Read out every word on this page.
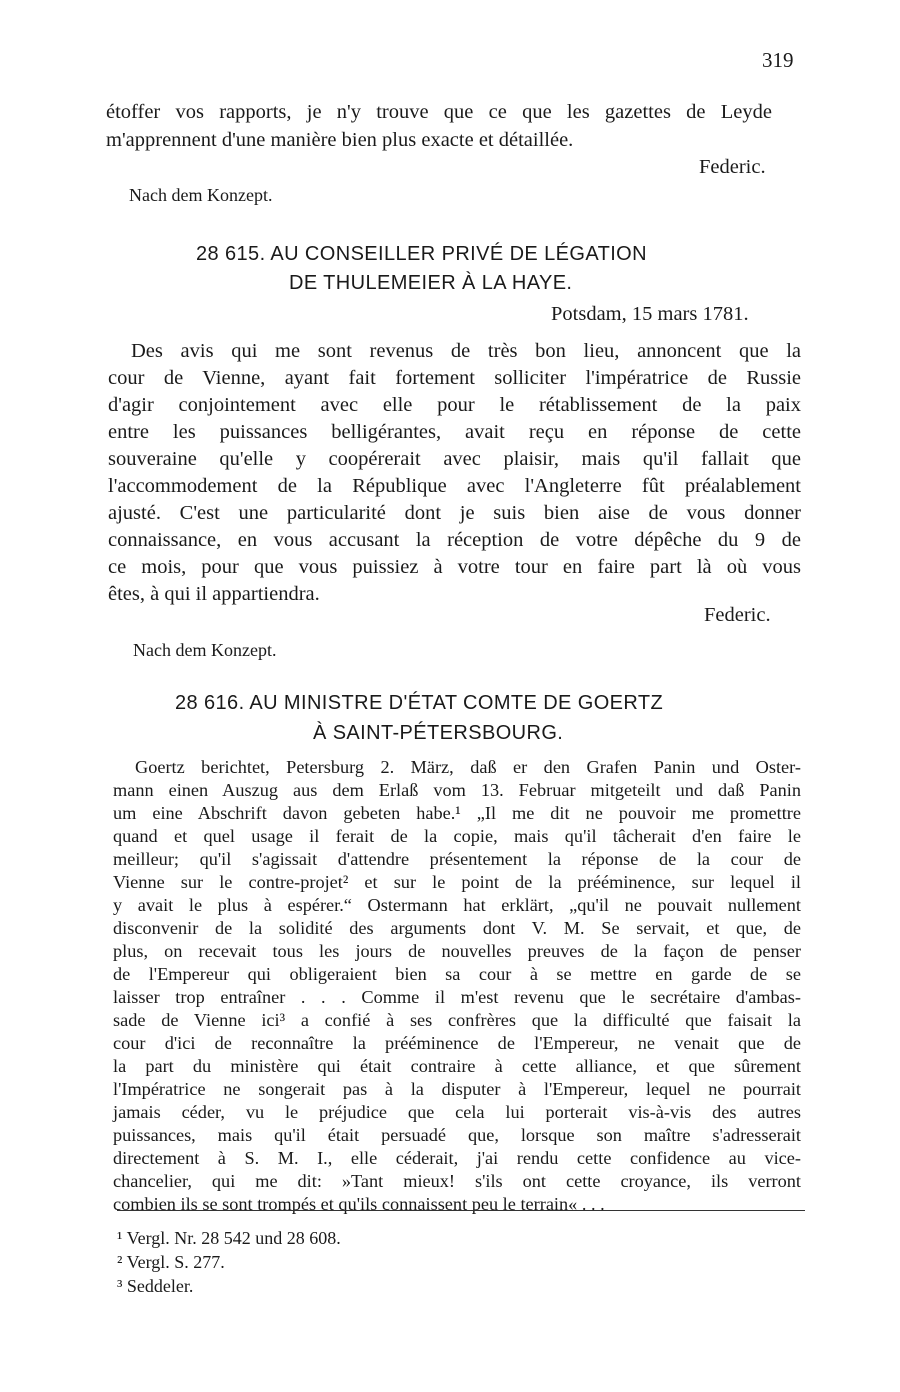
319
étoffer vos rapports, je n'y trouve que ce que les gazettes de Leyde
m'apprennent d'une manière bien plus exacte et détaillée.
Federic.
Nach dem Konzept.
28 615. AU CONSEILLER PRIVÉ DE LÉGATION
DE THULEMEIER À LA HAYE.
Potsdam, 15 mars 1781.
Des avis qui me sont revenus de très bon lieu, annoncent que la
cour de Vienne, ayant fait fortement solliciter l'impératrice de Russie
d'agir conjointement avec elle pour le rétablissement de la paix
entre les puissances belligérantes, avait reçu en réponse de cette
souveraine qu'elle y coopérerait avec plaisir, mais qu'il fallait que
l'accommodement de la République avec l'Angleterre fût préalablement
ajusté. C'est une particularité dont je suis bien aise de vous donner
connaissance, en vous accusant la réception de votre dépêche du 9 de
ce mois, pour que vous puissiez à votre tour en faire part là où vous
êtes, à qui il appartiendra.
Federic.
Nach dem Konzept.
28 616. AU MINISTRE D'ÉTAT COMTE DE GOERTZ
À SAINT-PÉTERSBOURG.
Goertz berichtet, Petersburg 2. März, daß er den Grafen Panin und Oster-
mann einen Auszug aus dem Erlaß vom 13. Februar mitgeteilt und daß Panin
um eine Abschrift davon gebeten habe.¹ „Il me dit ne pouvoir me promettre
quand et quel usage il ferait de la copie, mais qu'il tâcherait d'en faire le
meilleur; qu'il s'agissait d'attendre présentement la réponse de la cour de
Vienne sur le contre-projet² et sur le point de la prééminence, sur lequel il
y avait le plus à espérer.“ Ostermann hat erklärt, „qu'il ne pouvait nullement
disconvenir de la solidité des arguments dont V. M. Se servait, et que, de
plus, on recevait tous les jours de nouvelles preuves de la façon de penser
de l'Empereur qui obligeraient bien sa cour à se mettre en garde de se
laisser trop entraîner . . . Comme il m'est revenu que le secrétaire d'ambas-
sade de Vienne ici³ a confié à ses confrères que la difficulté que faisait la
cour d'ici de reconnaître la prééminence de l'Empereur, ne venait que de
la part du ministère qui était contraire à cette alliance, et que sûrement
l'Impératrice ne songerait pas à la disputer à l'Empereur, lequel ne pourrait
jamais céder, vu le préjudice que cela lui porterait vis-à-vis des autres
puissances, mais qu'il était persuadé que, lorsque son maître s'adresserait
directement à S. M. I., elle céderait, j'ai rendu cette confidence au vice-
chancelier, qui me dit: »Tant mieux! s'ils ont cette croyance, ils verront
combien ils se sont trompés et qu'ils connaissent peu le terrain« . . .
¹ Vergl. Nr. 28 542 und 28 608.
² Vergl. S. 277.
³ Seddeler.
